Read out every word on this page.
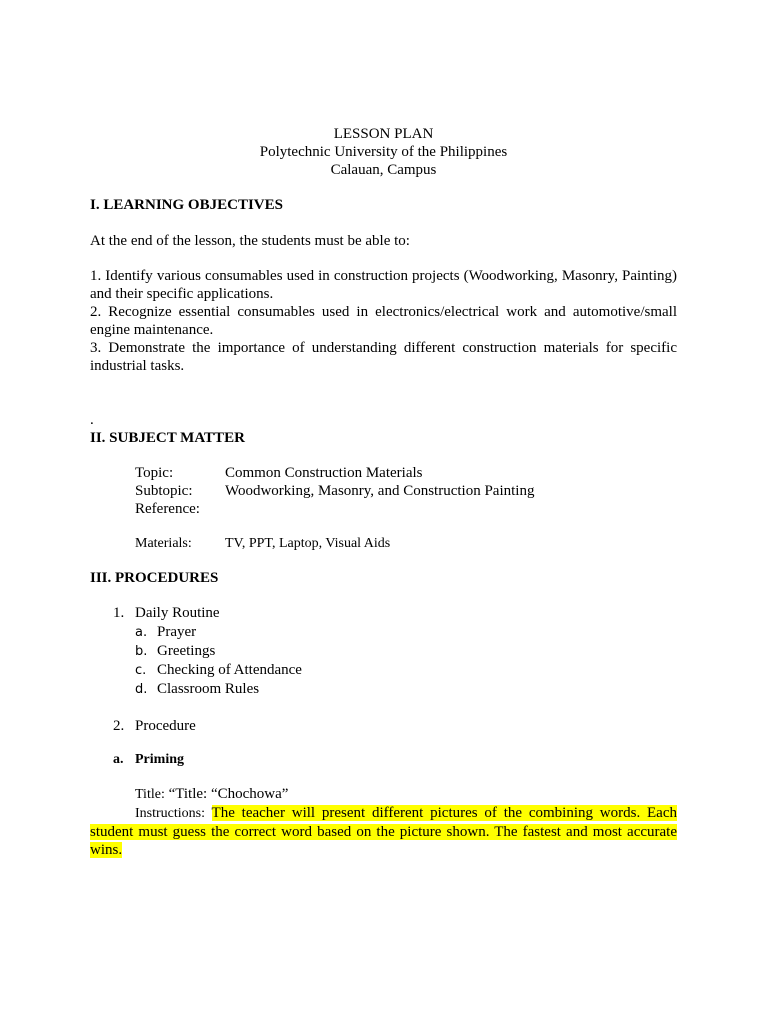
LESSON PLAN

Polytechnic University of the Philippines

Calauan, Campus

I. LEARNING OBJECTIVES

At the end of the lesson, the students must be able to:

1. Identify various consumables used in construction projects (Woodworking, Masonry, Painting) and their specific applications.

2. Recognize essential consumables used in electronics/electrical work and automotive/small engine maintenance.

3. Demonstrate the importance of understanding different construction materials for specific industrial tasks.

.

II. SUBJECT MATTER

Topic:	Common Construction Materials
Subtopic:	Woodworking, Masonry, and Construction Painting
Reference:
Materials:	TV, PPT, Laptop, Visual Aids

III. PROCEDURES

1. Daily Routine
a. Prayer
b. Greetings
c. Checking of Attendance
d. Classroom Rules
2. Procedure
a. Priming

Title: “Title: “Chochowa”

Instructions: The teacher will present different pictures of the combining words. Each student must guess the correct word based on the picture shown. The fastest and most accurate wins.
